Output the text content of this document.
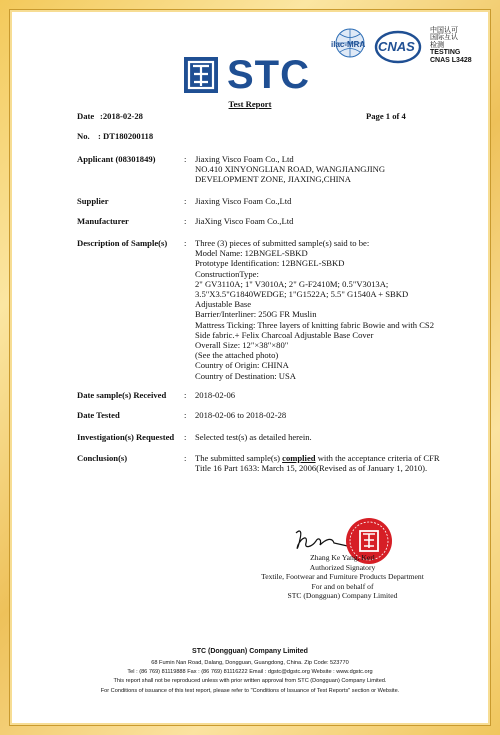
STC
ilac-MRA CNAS
中国认可
国际互认
检测
TESTING
CNAS L3428
Test Report
Date :2018-02-28	Page 1 of 4
No. : DT180200118
Applicant (08301849)	: Jiaxing Visco Foam Co., Ltd
NO.410 XINYONGLIAN ROAD, WANGJIANGJING
DEVELOPMENT ZONE, JIAXING,CHINA
Supplier	: Jiaxing Visco Foam Co.,Ltd
Manufacturer	: JiaXing Visco Foam Co.,Ltd
Description of Sample(s) : Three (3) pieces of submitted sample(s) said to be:
Model Name: 12BNGEL-SBKD
Prototype Identification: 12BNGEL-SBKD
ConstructionType:
2" GV3110A; 1" V3010A; 2" G-F2410M; 0.5"V3013A;
3.5"X3.5"G1840WEDGE; 1"G1522A; 5.5" G1540A + SBKD
Adjustable Base
Barrier/Interliner: 250G FR Muslin
Mattress Ticking: Three layers of knitting fabric Bowie and with CS2
Side fabric.+ Felix Charcoal Adjustable Base Cover
Overall Size: 12"×38"×80"
(See the attached photo)
Country of Origin: CHINA
Country of Destination: USA
Date sample(s) Received : 2018-02-06
Date Tested	: 2018-02-06 to 2018-02-28
Investigation(s) Requested : Selected test(s) as detailed herein.
Conclusion(s)	: The submitted sample(s) complied with the acceptance criteria of CFR
Title 16 Part 1633: March 15, 2006(Revised as of January 1, 2010).
Zhang Ke Yang, Kerl
Authorized Signatory
Textile, Footwear and Furniture Products Department
For and on behalf of
STC (Dongguan) Company Limited
STC (Dongguan) Company Limited
68 Fumin Nan Road, Dalang, Dongguan, Guangdong, China. Zip Code: 523770
Tel : (86 769) 81119888 Fax : (86 769) 81116222 Email : dgstc@dgstc.org Website : www.dgstc.org
This report shall not be reproduced unless with prior written approval from STC (Dongguan) Company Limited.
For Conditions of issuance of this test report, please refer to "Conditions of Issuance of Test Reports" section or Website.
